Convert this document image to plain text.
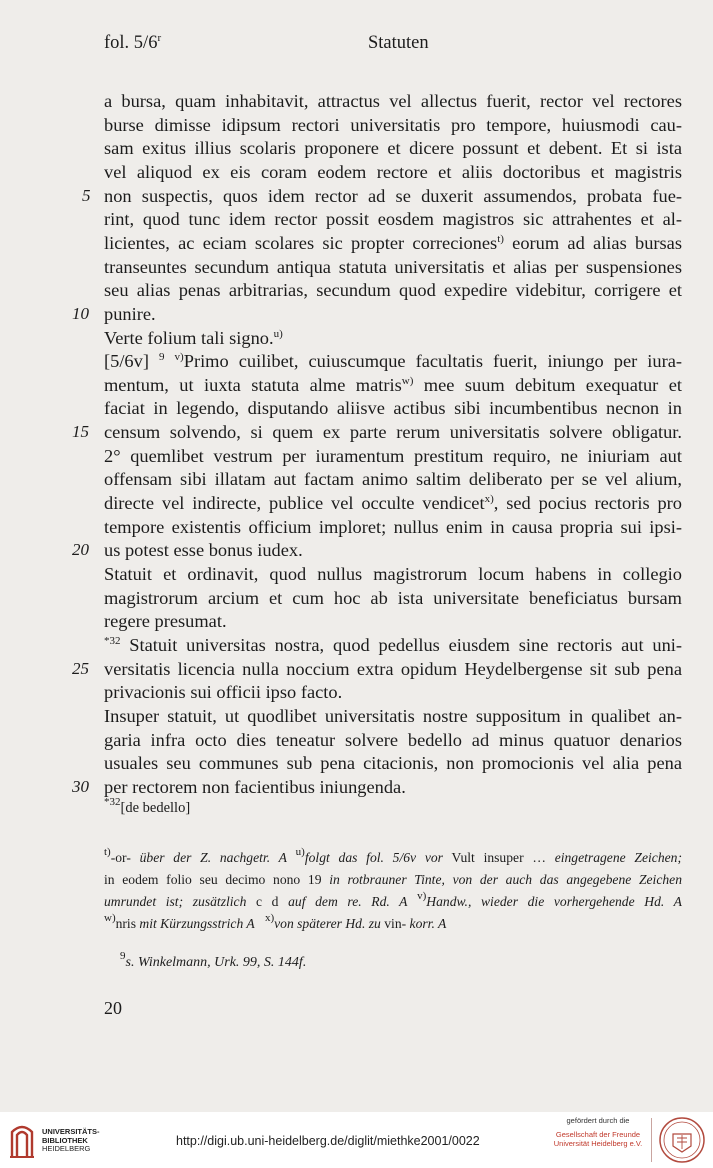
fol. 5/6$^r$	Statuten
a bursa, quam inhabitavit, attractus vel allectus fuerit, rector vel rectores
burse dimisse idipsum rectori universitatis pro tempore, huiusmodi cau-
sam exitus illius scolaris proponere et dicere possunt et debent. Et si ista
vel aliquod ex eis coram eodem rectore et aliis doctoribus et magistris
non suspectis, quos idem rector ad se duxerit assumendos, probata fue-
5
rint, quod tunc idem rector possit eosdem magistros sic attrahentes et al-
licientes, ac eciam scolares sic propter correciones$^{t)}$ eorum ad alias bursas
transeuntes secundum antiqua statuta universitatis et alias per suspensiones
seu alias penas arbitrarias, secundum quod expedire videbitur, corrigere et
punire.
10
Verte folium tali signo.$^{u)}$
[5/6v] $^9$ $^{v)}$Primo cuilibet, cuiuscumque facultatis fuerit, iniungo per iura-
mentum, ut iuxta statuta alme matris$^{w)}$ mee suum debitum exequatur et
faciat in legendo, disputando aliisve actibus sibi incumbentibus necnon in
censum solvendo, si quem ex parte rerum universitatis solvere obligatur.
15
2° quemlibet vestrum per iuramentum prestitum requiro, ne iniuriam aut
offensam sibi illatam aut factam animo saltim deliberato per se vel alium,
directe vel indirecte, publice vel occulte vendicet$^{x)}$, sed pocius rectoris pro
tempore existentis officium imploret; nullus enim in causa propria sui ipsi-
us potest esse bonus iudex.
20
Statuit et ordinavit, quod nullus magistrorum locum habens in collegio
magistrorum arcium et cum hoc ab ista universitate beneficiatus bursam
regere presumat.
$^{*32}$ Statuit universitas nostra, quod pedellus eiusdem sine rectoris aut uni-
versitatis licencia nulla noccium extra opidum Heydelbergense sit sub pena
25
privacionis sui officii ipso facto.
Insuper statuit, ut quodlibet universitatis nostre suppositum in qualibet an-
garia infra octo dies teneatur solvere bedello ad minus quatuor denarios
usuales seu communes sub pena citacionis, non promocionis vel alia pena
per rectorem non facientibus iniungenda.
30
$^{*32}$[de bedello]
$^{t)}$-or- über der Z. nachgetr. A $^{u)}$folgt das fol. 5/6v vor Vult insuper … eingetragene Zeichen;
in eodem folio seu decimo nono 19 in rotbrauner Tinte, von der auch das angegebene Zeichen
umrundet ist; zusätzlich c d auf dem re. Rd. A $^{v)}$Handw., wieder die vorhergehende Hd. A
$^{w)}$nris mit Kürzungsstrich A $^{x)}$von späterer Hd. zu vin- korr. A
$^9$s. Winkelmann, Urk. 99, S. 144f.
20
UNIVERSITÄTS-
BIBLIOTHEK
HEIDELBERG
http://digi.ub.uni-heidelberg.de/diglit/miethke2001/0022
gefördert durch die
Gesellschaft der Freunde
Universität Heidelberg e.V.
